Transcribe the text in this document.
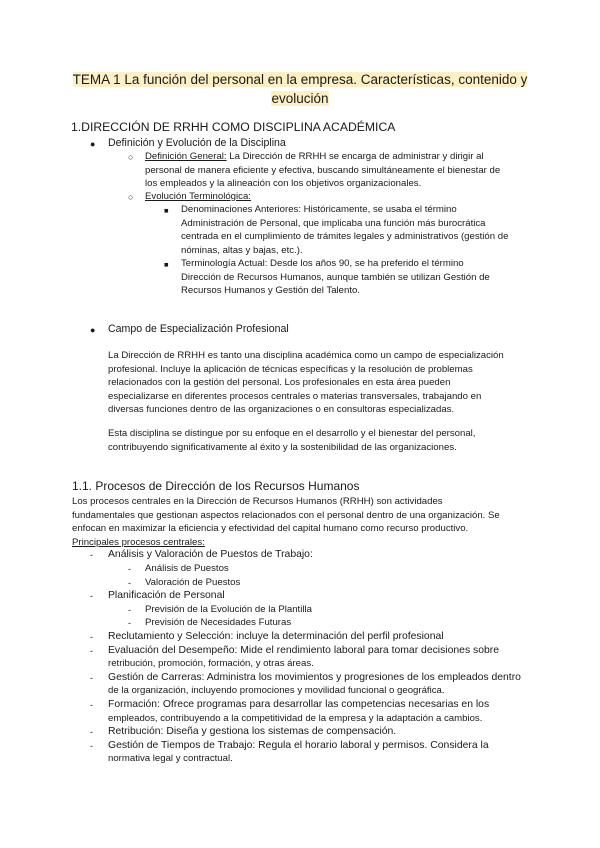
TEMA 1 La función del personal en la empresa. Características, contenido y
evolución
1.DIRECCIÓN DE RRHH COMO DISCIPLINA ACADÉMICA
● Definición y Evolución de la Disciplina
○ Definición General: La Dirección de RRHH se encarga de administrar y dirigir al
personal de manera eficiente y efectiva, buscando simultáneamente el bienestar de
los empleados y la alineación con los objetivos organizacionales.
○ Evolución Terminológica:
■ Denominaciones Anteriores: Históricamente, se usaba el término
Administración de Personal, que implicaba una función más burocrática
centrada en el cumplimiento de trámites legales y administrativos (gestión de
nóminas, altas y bajas, etc.).
■ Terminología Actual: Desde los años 90, se ha preferido el término
Dirección de Recursos Humanos, aunque también se utilizan Gestión de
Recursos Humanos y Gestión del Talento.
● Campo de Especialización Profesional
La Dirección de RRHH es tanto una disciplina académica como un campo de especialización
profesional. Incluye la aplicación de técnicas específicas y la resolución de problemas
relacionados con la gestión del personal. Los profesionales en esta área pueden
especializarse en diferentes procesos centrales o materias transversales, trabajando en
diversas funciones dentro de las organizaciones o en consultoras especializadas.
Esta disciplina se distingue por su enfoque en el desarrollo y el bienestar del personal,
contribuyendo significativamente al éxito y la sostenibilidad de las organizaciones.
1.1. Procesos de Dirección de los Recursos Humanos
Los procesos centrales en la Dirección de Recursos Humanos (RRHH) son actividades
fundamentales que gestionan aspectos relacionados con el personal dentro de una organización. Se
enfocan en maximizar la eficiencia y efectividad del capital humano como recurso productivo.
Principales procesos centrales:
- Análisis y Valoración de Puestos de Trabajo:
- Análisis de Puestos
- Valoración de Puestos
- Planificación de Personal
- Previsión de la Evolución de la Plantilla
- Previsión de Necesidades Futuras
- Reclutamiento y Selección: incluye la determinación del perfil profesional
- Evaluación del Desempeño: Mide el rendimiento laboral para tomar decisiones sobre
retribución, promoción, formación, y otras áreas.
- Gestión de Carreras: Administra los movimientos y progresiones de los empleados dentro
de la organización, incluyendo promociones y movilidad funcional o geográfica.
- Formación: Ofrece programas para desarrollar las competencias necesarias en los
empleados, contribuyendo a la competitividad de la empresa y la adaptación a cambios.
- Retribución: Diseña y gestiona los sistemas de compensación.
- Gestión de Tiempos de Trabajo: Regula el horario laboral y permisos. Considera la
normativa legal y contractual.
